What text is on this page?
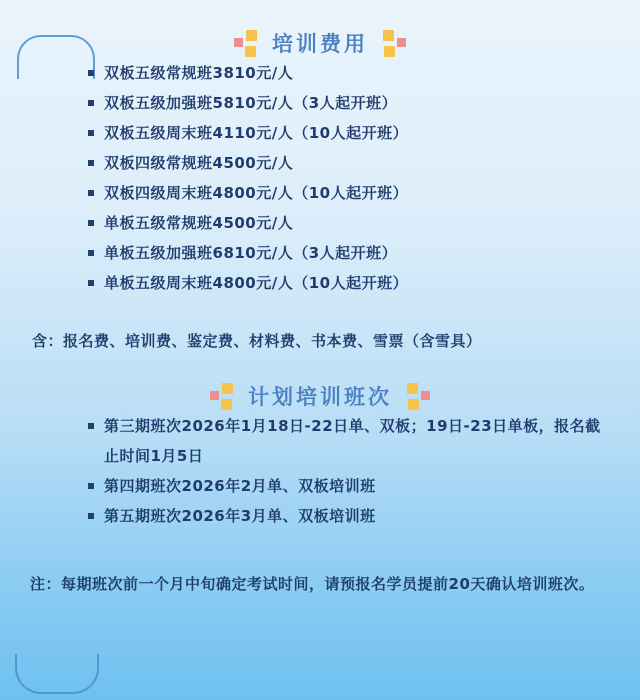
培训费用
双板五级常规班3810元/人
双板五级加强班5810元/人（3人起开班）
双板五级周末班4110元/人（10人起开班）
双板四级常规班4500元/人
双板四级周末班4800元/人（10人起开班）
单板五级常规班4500元/人
单板五级加强班6810元/人（3人起开班）
单板五级周末班4800元/人（10人起开班）

含：报名费、培训费、鉴定费、材料费、书本费、雪票（含雪具）

计划培训班次
第三期班次2026年1月18日-22日单、双板；19日-23日单板，报名截止时间1月5日
第四期班次2026年2月单、双板培训班
第五期班次2026年3月单、双板培训班

注：每期班次前一个月中旬确定考试时间，请预报名学员提前20天确认培训班次。
